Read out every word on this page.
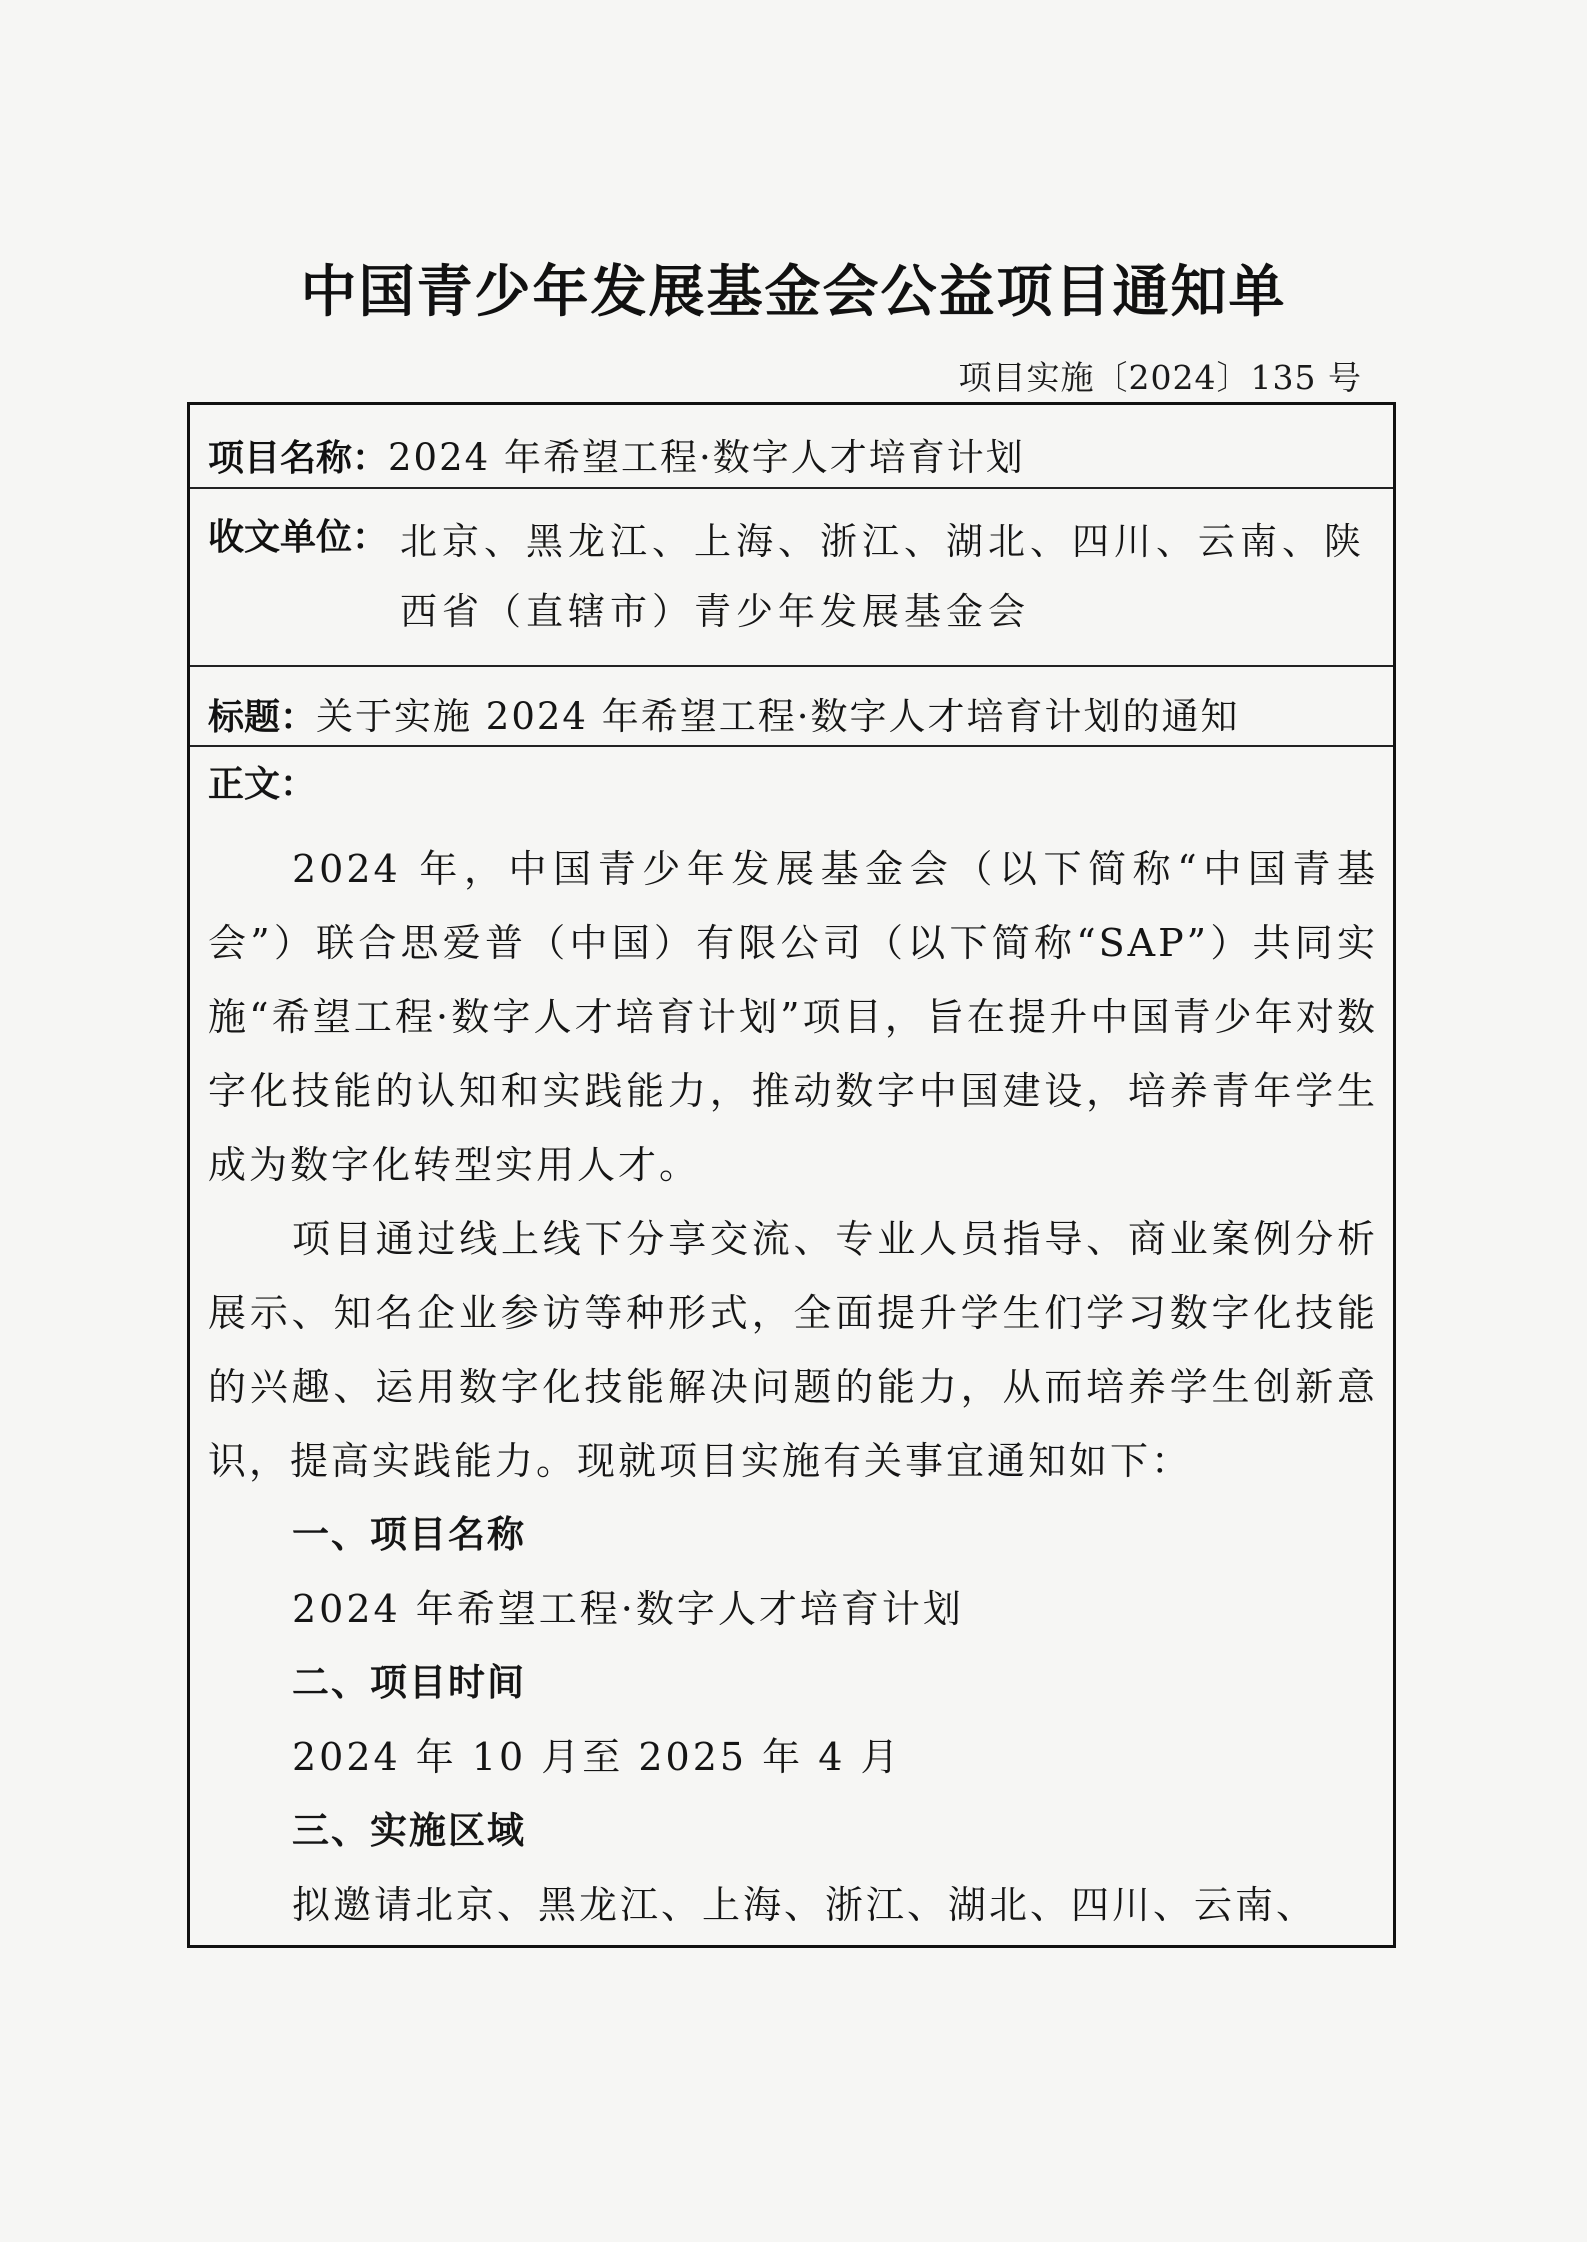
中国青少年发展基金会公益项目通知单
项目实施〔2024〕135 号
项目名称：2024 年希望工程·数字人才培育计划
收文单位： 北京、黑龙江、上海、浙江、湖北、四川、云南、陕西省（直辖市）青少年发展基金会
标题：关于实施 2024 年希望工程·数字人才培育计划的通知
正文：

2024 年，中国青少年发展基金会（以下简称“中国青基会”）联合思爱普（中国）有限公司（以下简称“SAP”）共同实施“希望工程·数字人才培育计划”项目，旨在提升中国青少年对数字化技能的认知和实践能力，推动数字中国建设，培养青年学生成为数字化转型实用人才。

项目通过线上线下分享交流、专业人员指导、商业案例分析展示、知名企业参访等种形式，全面提升学生们学习数字化技能的兴趣、运用数字化技能解决问题的能力，从而培养学生创新意识，提高实践能力。现就项目实施有关事宜通知如下：

一、项目名称
2024 年希望工程·数字人才培育计划
二、项目时间
2024 年 10 月至 2025 年 4 月
三、实施区域
拟邀请北京、黑龙江、上海、浙江、湖北、四川、云南、
